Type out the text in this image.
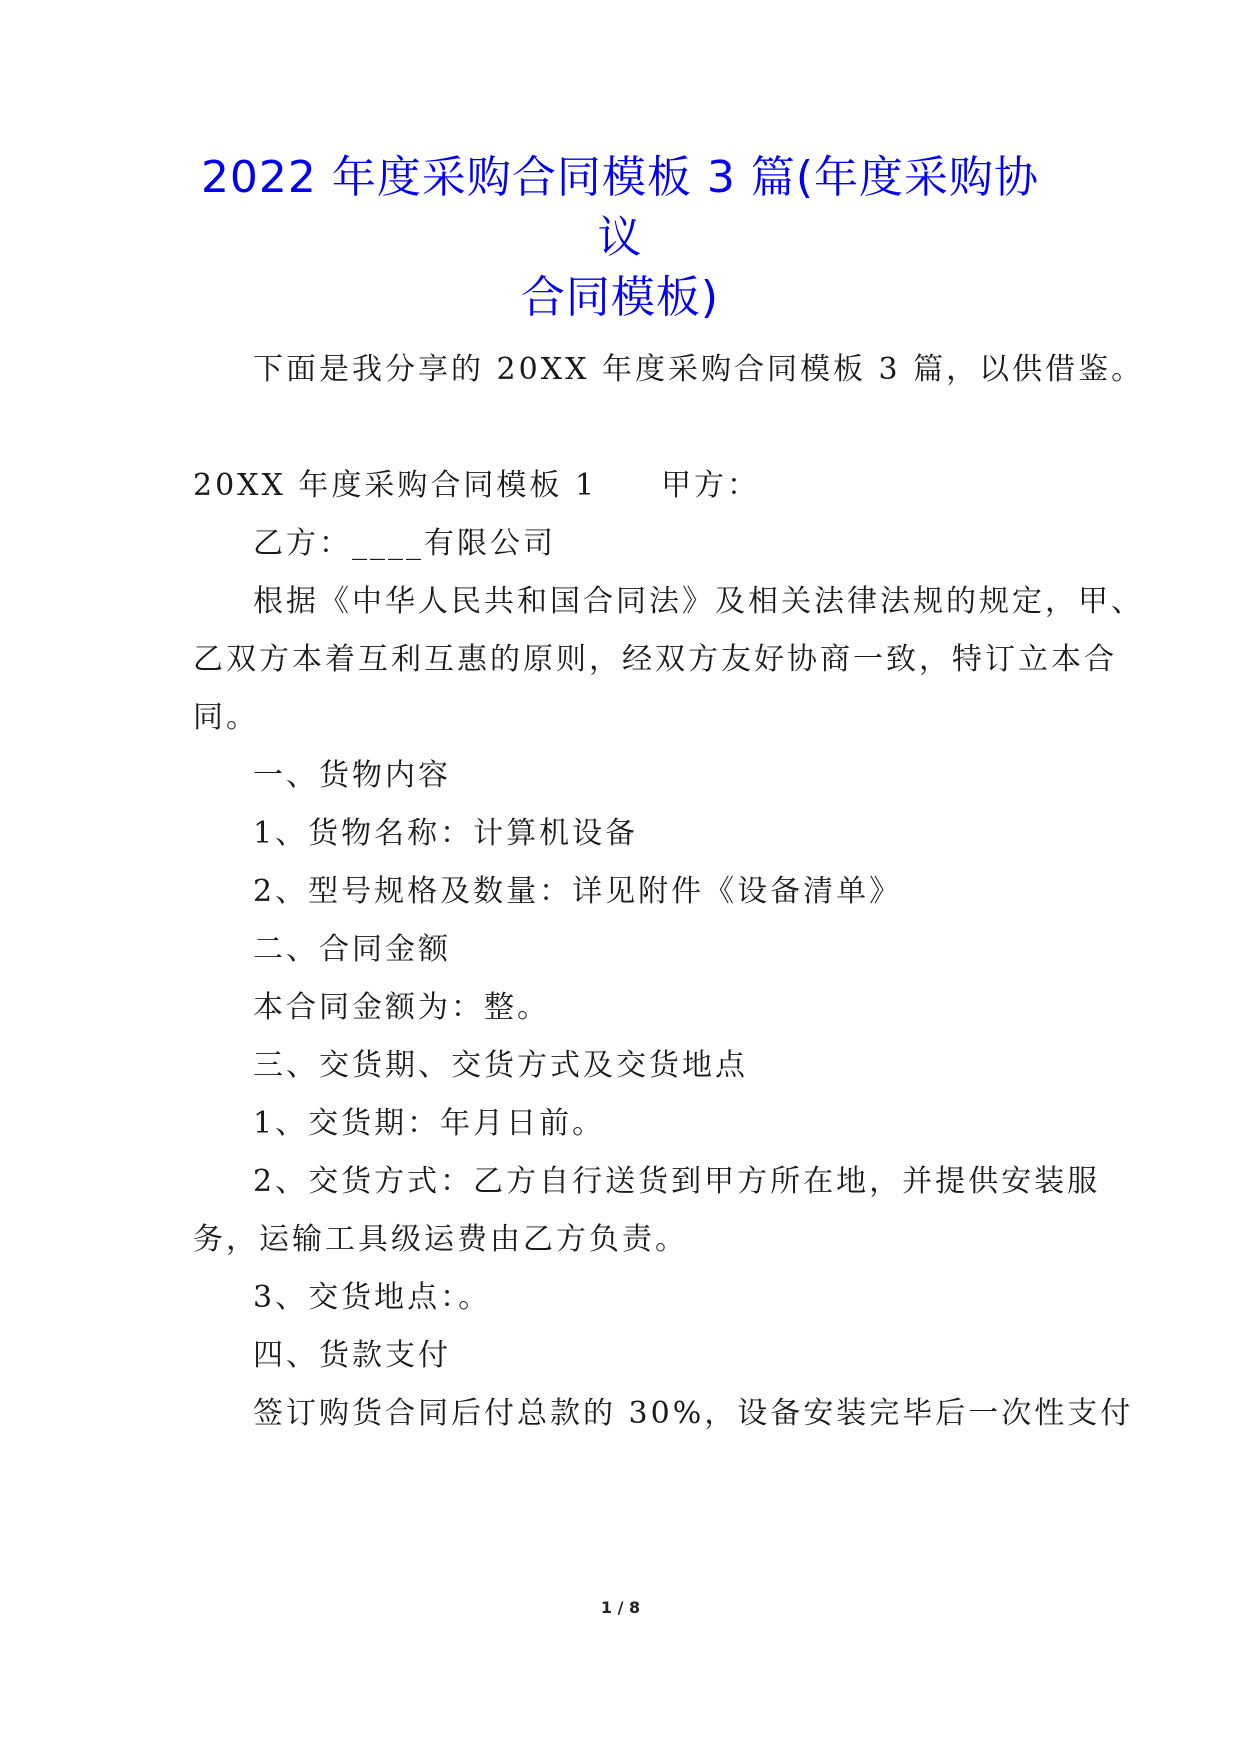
2022 年度采购合同模板 3 篇(年度采购协议
合同模板)
下面是我分享的 20XX 年度采购合同模板 3 篇，以供借鉴。
20XX 年度采购合同模板 1 甲方：
乙方：____有限公司
根据《中华人民共和国合同法》及相关法律法规的规定，甲、
乙双方本着互利互惠的原则，经双方友好协商一致，特订立本合
同。
一、货物内容
1、货物名称：计算机设备
2、型号规格及数量：详见附件《设备清单》
二、合同金额
本合同金额为：整。
三、交货期、交货方式及交货地点
1、交货期：年月日前。
2、交货方式：乙方自行送货到甲方所在地，并提供安装服
务，运输工具级运费由乙方负责。
3、交货地点：。
四、货款支付
签订购货合同后付总款的 30%，设备安装完毕后一次性支付
1 / 8
